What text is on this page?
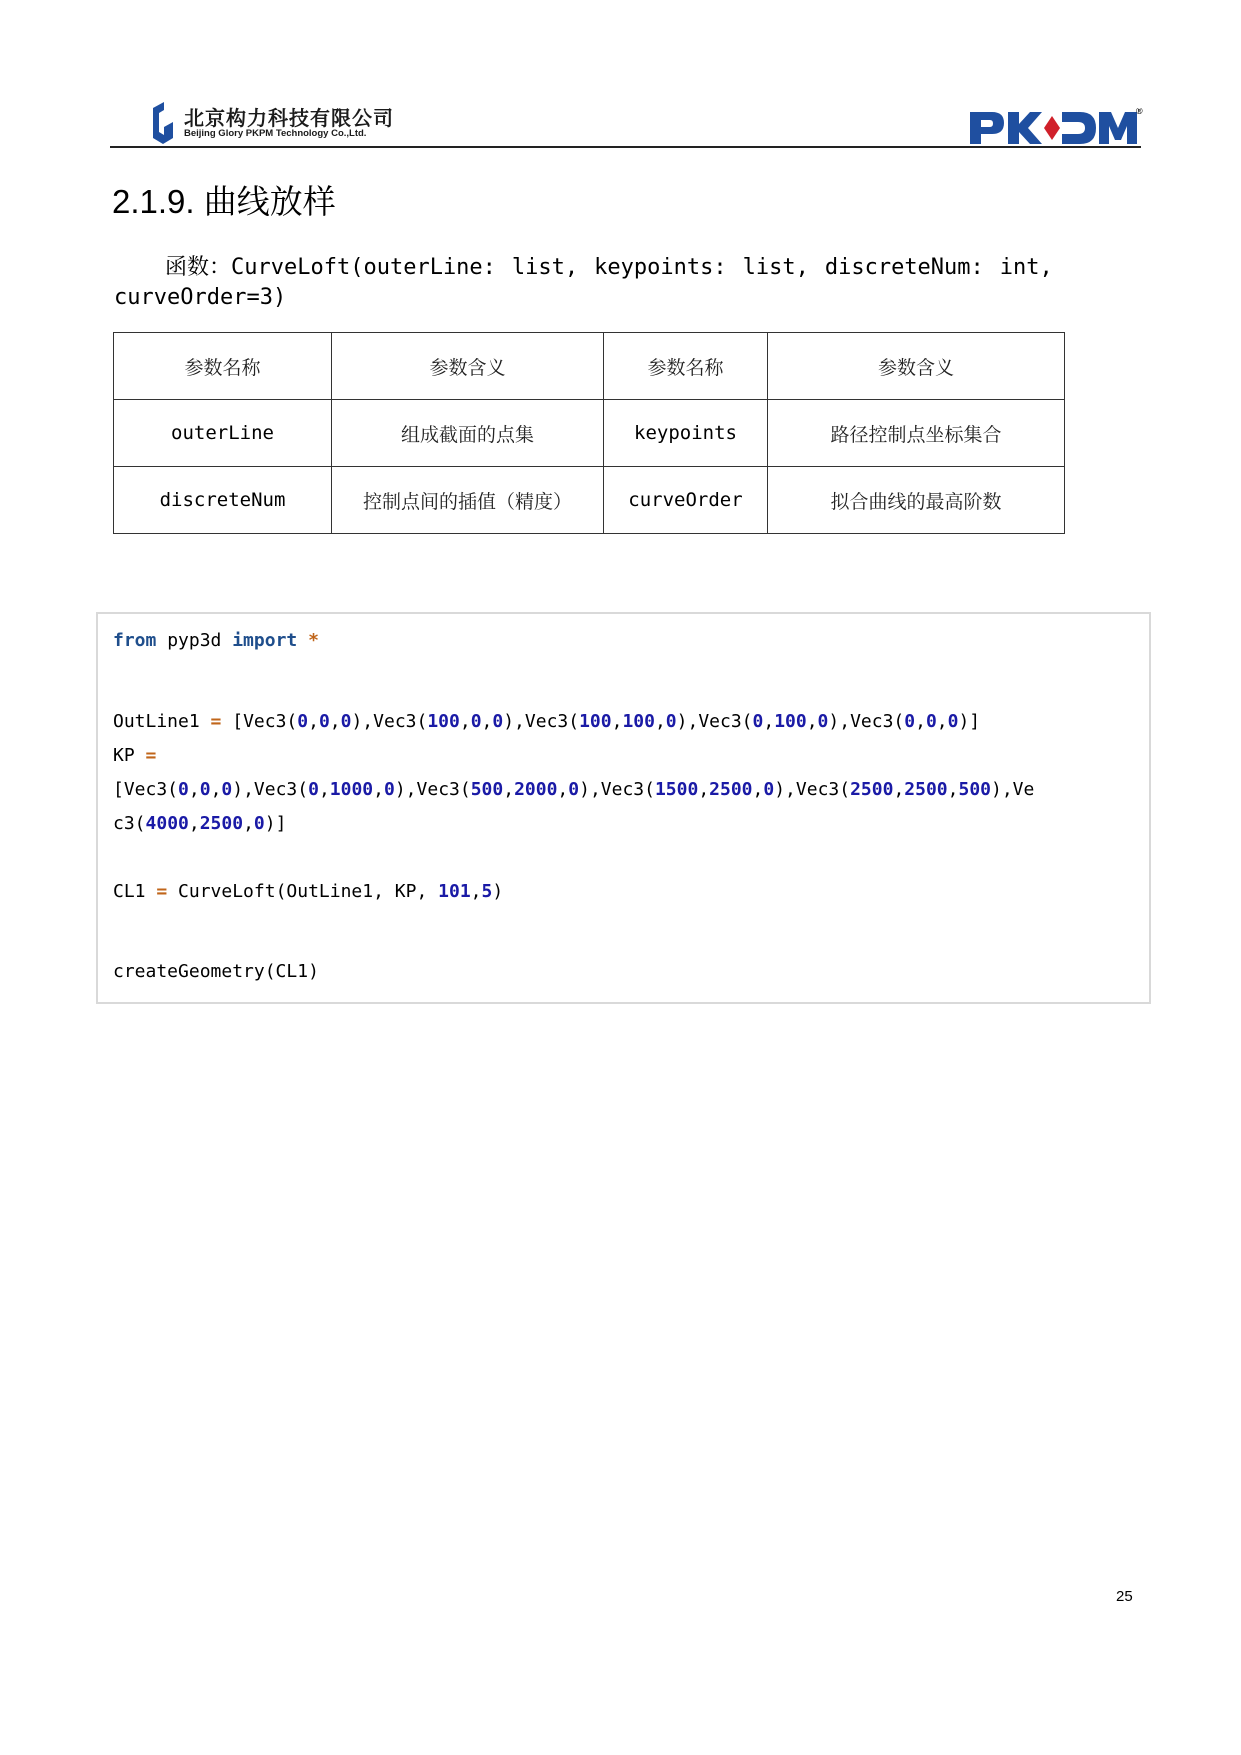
北京构力科技有限公司
Beijing Glory PKPM Technology Co.,Ltd.
®
2.1.9. 曲线放样
函数：CurveLoft(outerLine: list, keypoints: list, discreteNum: int,
curveOrder=3)
参数名称	参数含义	参数名称	参数含义
outerLine	组成截面的点集	keypoints	路径控制点坐标集合
discreteNum	控制点间的插值（精度）	curveOrder	拟合曲线的最高阶数
from pyp3d import *
OutLine1 = [Vec3(0,0,0),Vec3(100,0,0),Vec3(100,100,0),Vec3(0,100,0),Vec3(0,0,0)]
KP =
[Vec3(0,0,0),Vec3(0,1000,0),Vec3(500,2000,0),Vec3(1500,2500,0),Vec3(2500,2500,500),Ve
c3(4000,2500,0)]
CL1 = CurveLoft(OutLine1, KP, 101,5)
createGeometry(CL1)
25
